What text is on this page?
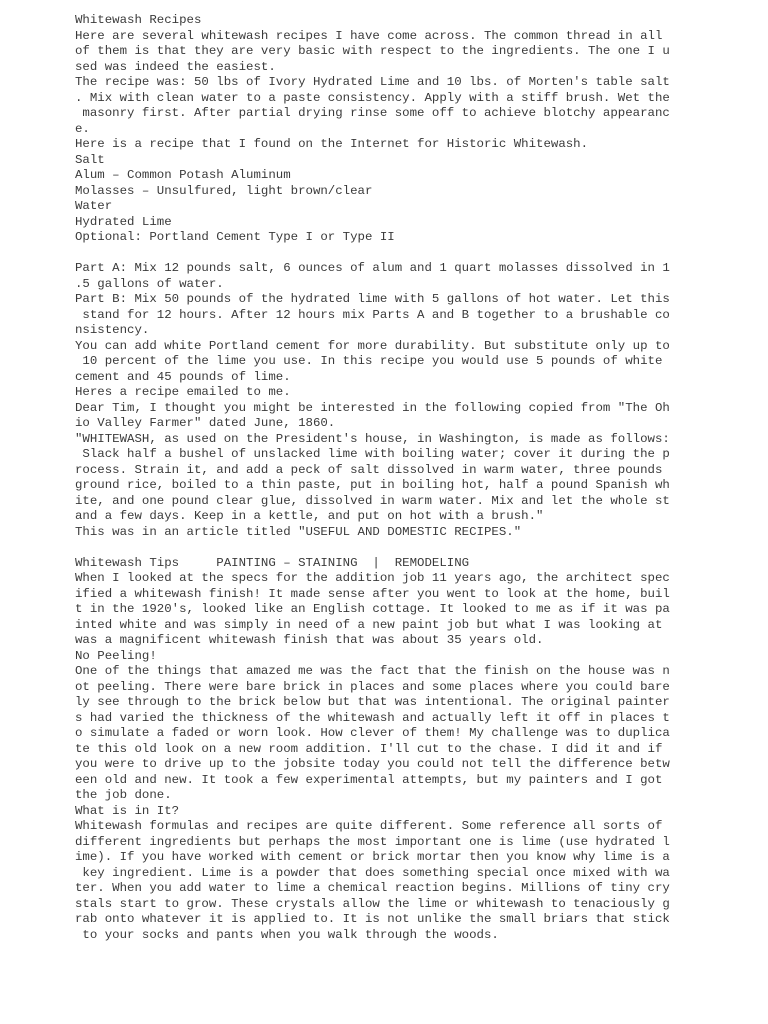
Whitewash Recipes
Here are several whitewash recipes I have come across. The common thread in all
of them is that they are very basic with respect to the ingredients. The one I u
sed was indeed the easiest.
The recipe was: 50 lbs of Ivory Hydrated Lime and 10 lbs. of Morten's table salt
. Mix with clean water to a paste consistency. Apply with a stiff brush. Wet the
masonry first. After partial drying rinse some off to achieve blotchy appearanc
e.
Here is a recipe that I found on the Internet for Historic Whitewash.
Salt
Alum – Common Potash Aluminum
Molasses – Unsulfured, light brown/clear
Water
Hydrated Lime
Optional: Portland Cement Type I or Type II
Part A: Mix 12 pounds salt, 6 ounces of alum and 1 quart molasses dissolved in 1
.5 gallons of water.
Part B: Mix 50 pounds of the hydrated lime with 5 gallons of hot water. Let this
stand for 12 hours. After 12 hours mix Parts A and B together to a brushable co
nsistency.
You can add white Portland cement for more durability. But substitute only up to
10 percent of the lime you use. In this recipe you would use 5 pounds of white
cement and 45 pounds of lime.
Heres a recipe emailed to me.
Dear Tim, I thought you might be interested in the following copied from "The Oh
io Valley Farmer" dated June, 1860.
"WHITEWASH, as used on the President's house, in Washington, is made as follows:
Slack half a bushel of unslacked lime with boiling water; cover it during the p
rocess. Strain it, and add a peck of salt dissolved in warm water, three pounds
ground rice, boiled to a thin paste, put in boiling hot, half a pound Spanish wh
ite, and one pound clear glue, dissolved in warm water. Mix and let the whole st
and a few days. Keep in a kettle, and put on hot with a brush."
This was in an article titled "USEFUL AND DOMESTIC RECIPES."
Whitewash Tips     PAINTING – STAINING  |  REMODELING
When I looked at the specs for the addition job 11 years ago, the architect spec
ified a whitewash finish! It made sense after you went to look at the home, buil
t in the 1920's, looked like an English cottage. It looked to me as if it was pa
inted white and was simply in need of a new paint job but what I was looking at
was a magnificent whitewash finish that was about 35 years old.
No Peeling!
One of the things that amazed me was the fact that the finish on the house was n
ot peeling. There were bare brick in places and some places where you could bare
ly see through to the brick below but that was intentional. The original painter
s had varied the thickness of the whitewash and actually left it off in places t
o simulate a faded or worn look. How clever of them! My challenge was to duplica
te this old look on a new room addition. I'll cut to the chase. I did it and if
you were to drive up to the jobsite today you could not tell the difference betw
een old and new. It took a few experimental attempts, but my painters and I got
the job done.
What is in It?
Whitewash formulas and recipes are quite different. Some reference all sorts of
different ingredients but perhaps the most important one is lime (use hydrated l
ime). If you have worked with cement or brick mortar then you know why lime is a
key ingredient. Lime is a powder that does something special once mixed with wa
ter. When you add water to lime a chemical reaction begins. Millions of tiny cry
stals start to grow. These crystals allow the lime or whitewash to tenaciously g
rab onto whatever it is applied to. It is not unlike the small briars that stick
to your socks and pants when you walk through the woods.
